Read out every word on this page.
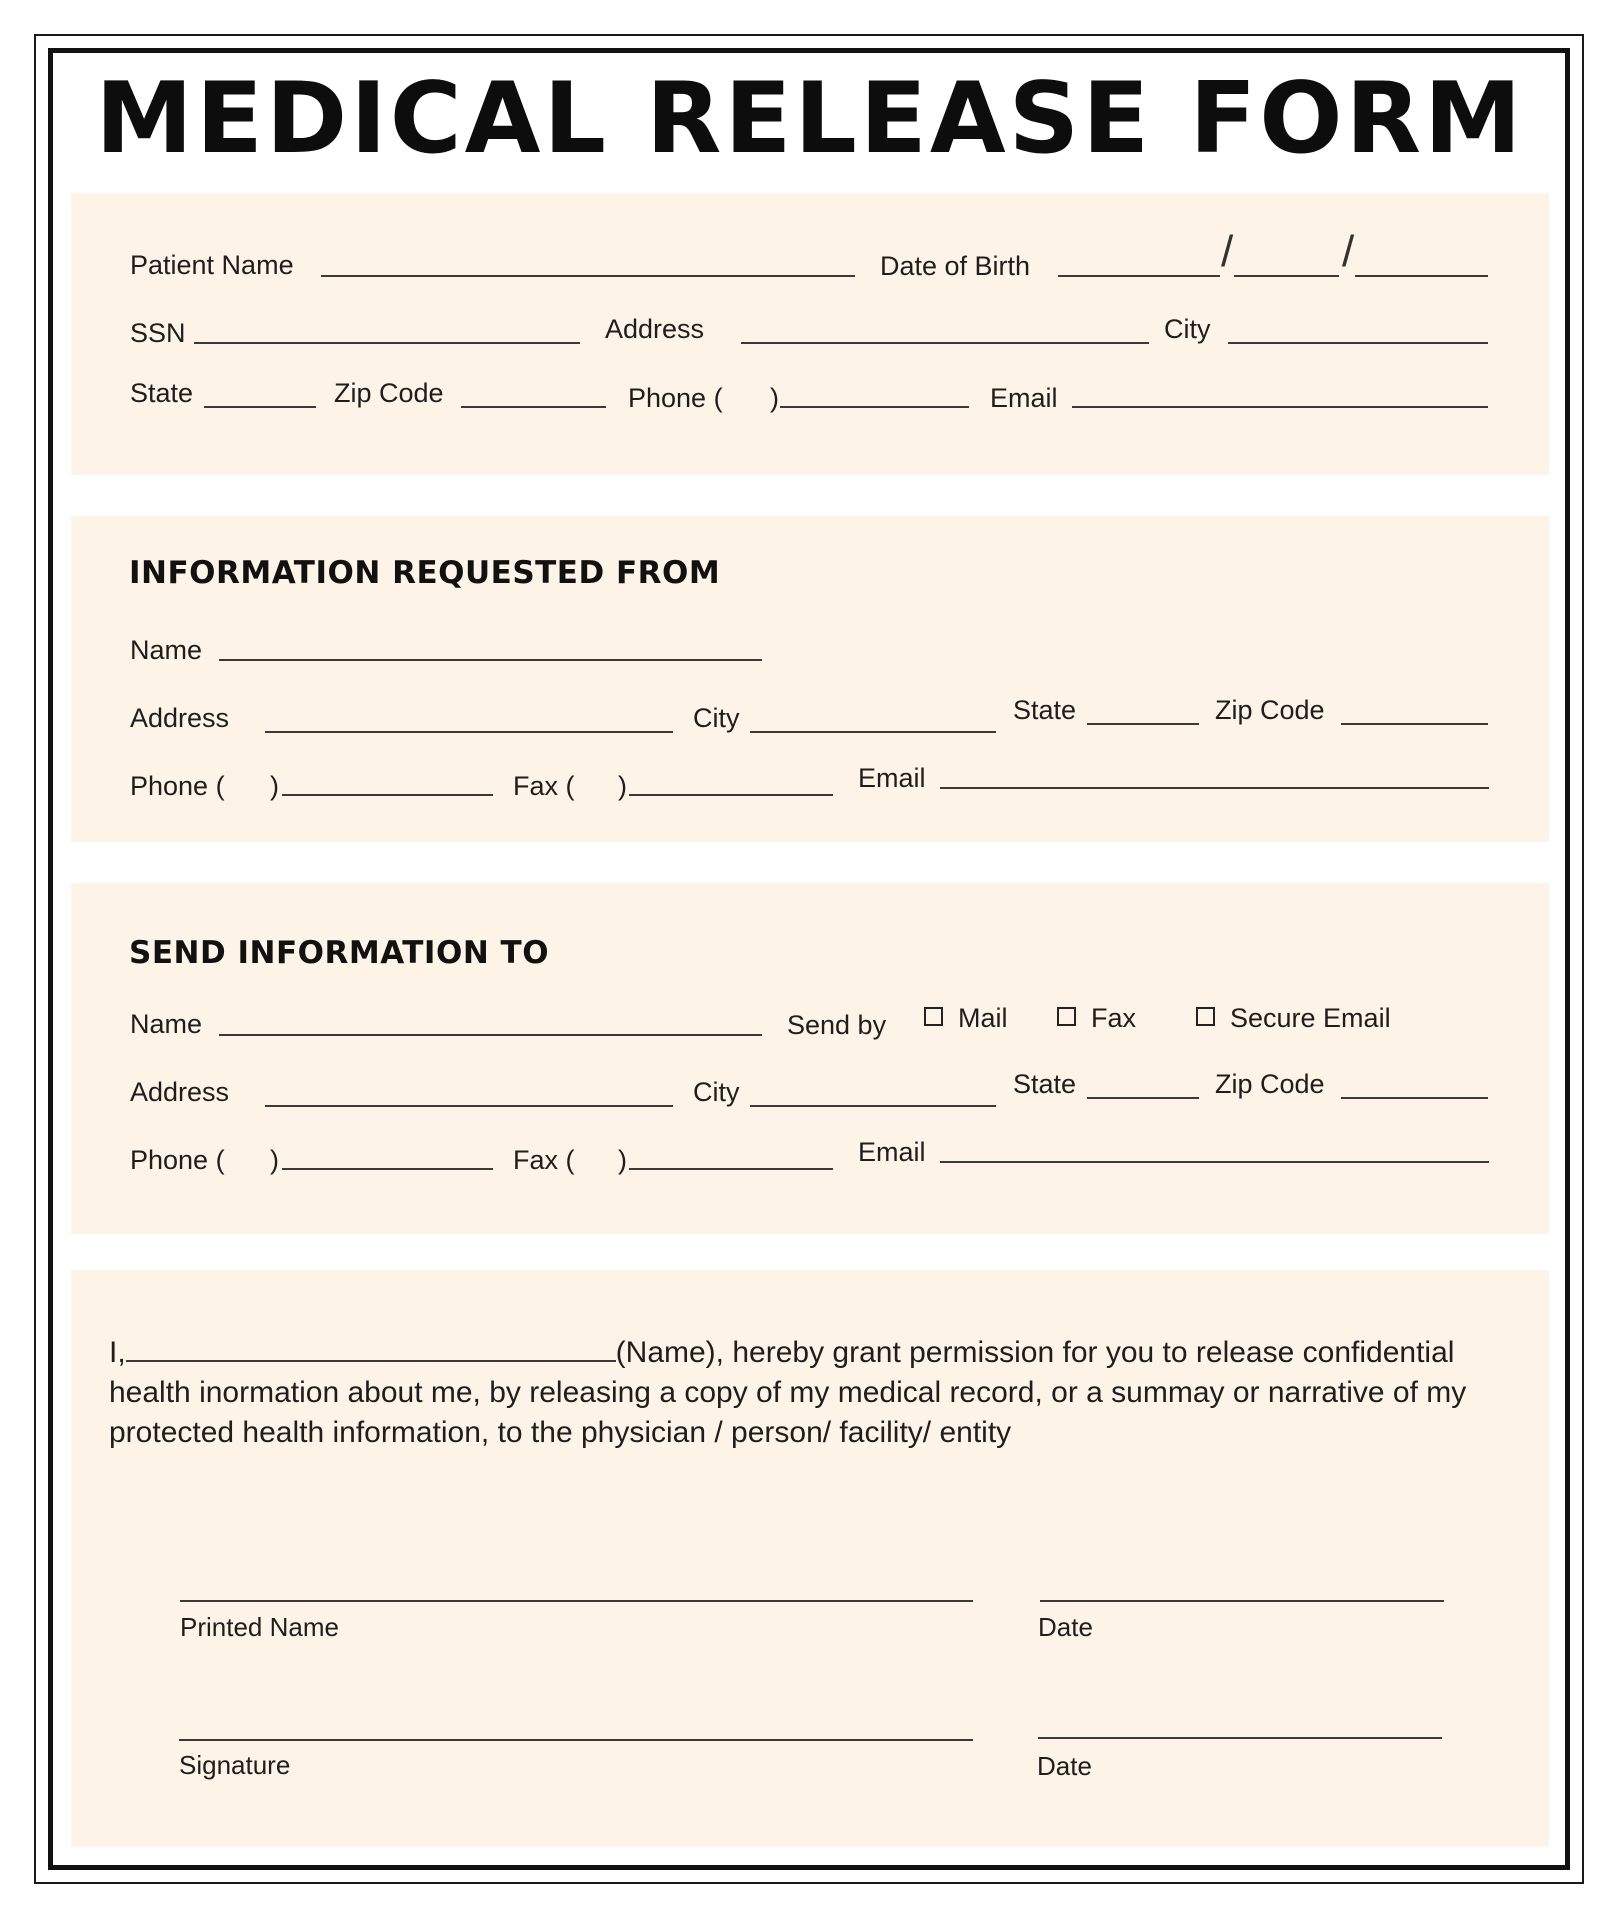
MEDICAL RELEASE FORM
Patient Name	Date of Birth	/ /
SSN	Address	City
State	Zip Code	Phone ( )	Email
INFORMATION REQUESTED FROM
Name
Address	City	State	Zip Code
Phone ( )	Fax ( )	Email
SEND INFORMATION TO
Name	Send by	Mail	Fax	Secure Email
Address	City	State	Zip Code
Phone ( )	Fax ( )	Email

I,	(Name), hereby grant permission for you to release confidential health inormation about me, by releasing a copy of my medical record, or a summay or narrative of my protected health information, to the physician / person/ facility/ entity

Printed Name	Date
Signature	Date
